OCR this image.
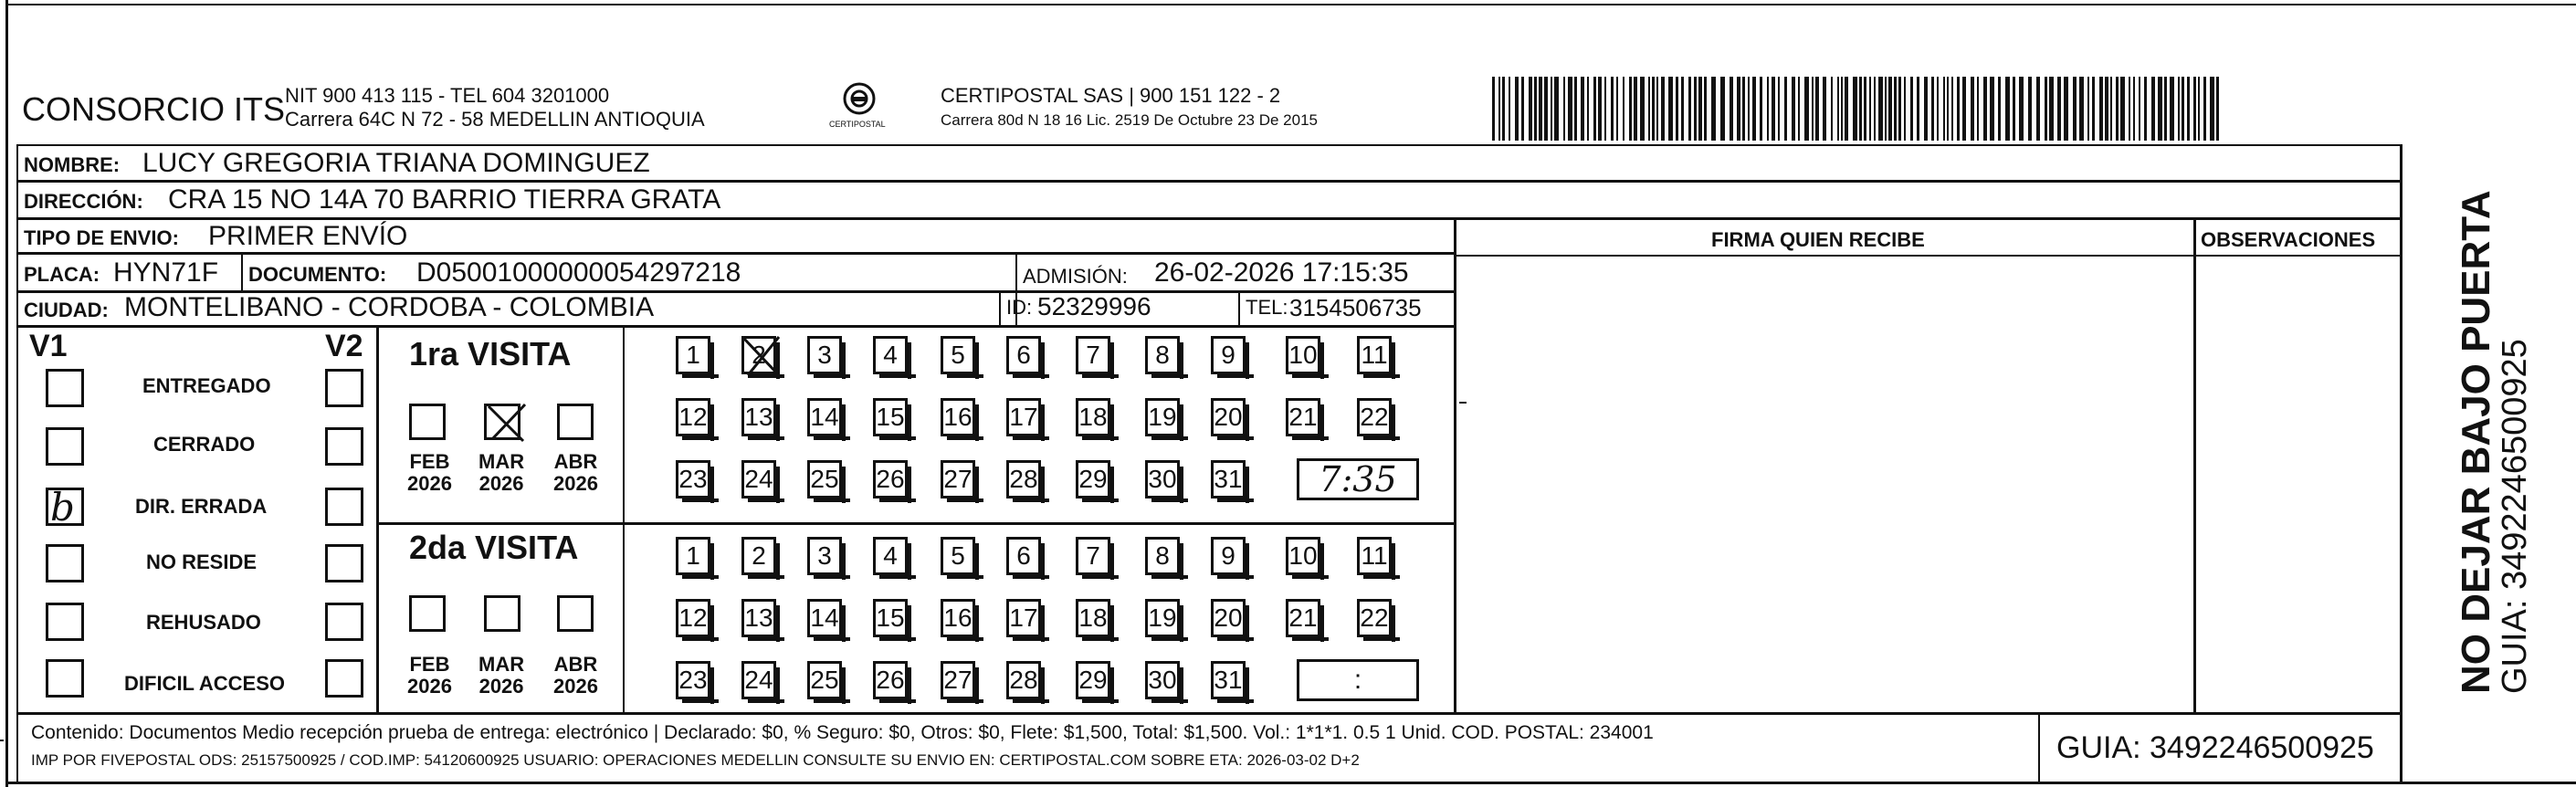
CONSORCIO ITS NIT 900 413 115 - TEL 604 3201000
Carrera 64C N 72 - 58 MEDELLIN ANTIOQUIA	CERTIPOSTAL
CERTIPOSTAL SAS | 900 151 122 - 2
Carrera 80d N 18 16 Lic. 2519 De Octubre 23 De 2015
NOMBRE: LUCY GREGORIA TRIANA DOMINGUEZ
DIRECCIÓN: CRA 15 NO 14A 70 BARRIO TIERRA GRATA
TIPO DE ENVIO: PRIMER ENVÍO
PLACA: HYN71F DOCUMENTO: D05001000000054297218	ADMISIÓN: 26-02-2026 17:15:35
CIUDAD: MONTELIBANO - CORDOBA - COLOMBIA	ID: 52329996	TEL: 3154506735
FIRMA QUIEN RECIBE	OBSERVACIONES
V1	V2
ENTREGADO
CERRADO
b	DIR. ERRADA
NO RESIDE
REHUSADO
DIFICIL ACCESO
1ra VISITA
FEB
2026
MAR
2026
ABR
2026
1	2	3	4	5	6	7	8	9	10 11
12 13 14 15 16 17 18 19 20 21 22
23 24 25 26 27 28 29 30 31	7:35
2da VISITA
FEB
2026
MAR
2026
ABR
2026
1	2	3	4	5	6	7	8	9	10 11
12 13 14 15 16 17 18 19 20 21 22
23 24 25 26 27 28 29 30 31	:
Contenido: Documentos Medio recepción prueba de entrega: electrónico | Declarado: $0, % Seguro: $0, Otros: $0, Flete: $1,500, Total: $1,500. Vol.: 1*1*1. 0.5 1 Unid. COD. POSTAL: 234001
IMP POR FIVEPOSTAL ODS: 25157500925 / COD.IMP: 54120600925 USUARIO: OPERACIONES MEDELLIN CONSULTE SU ENVIO EN: CERTIPOSTAL.COM SOBRE ETA: 2026-03-02 D+2	GUIA: 3492246500925
NO DEJAR BAJO PUERTA
GUIA: 3492246500925
